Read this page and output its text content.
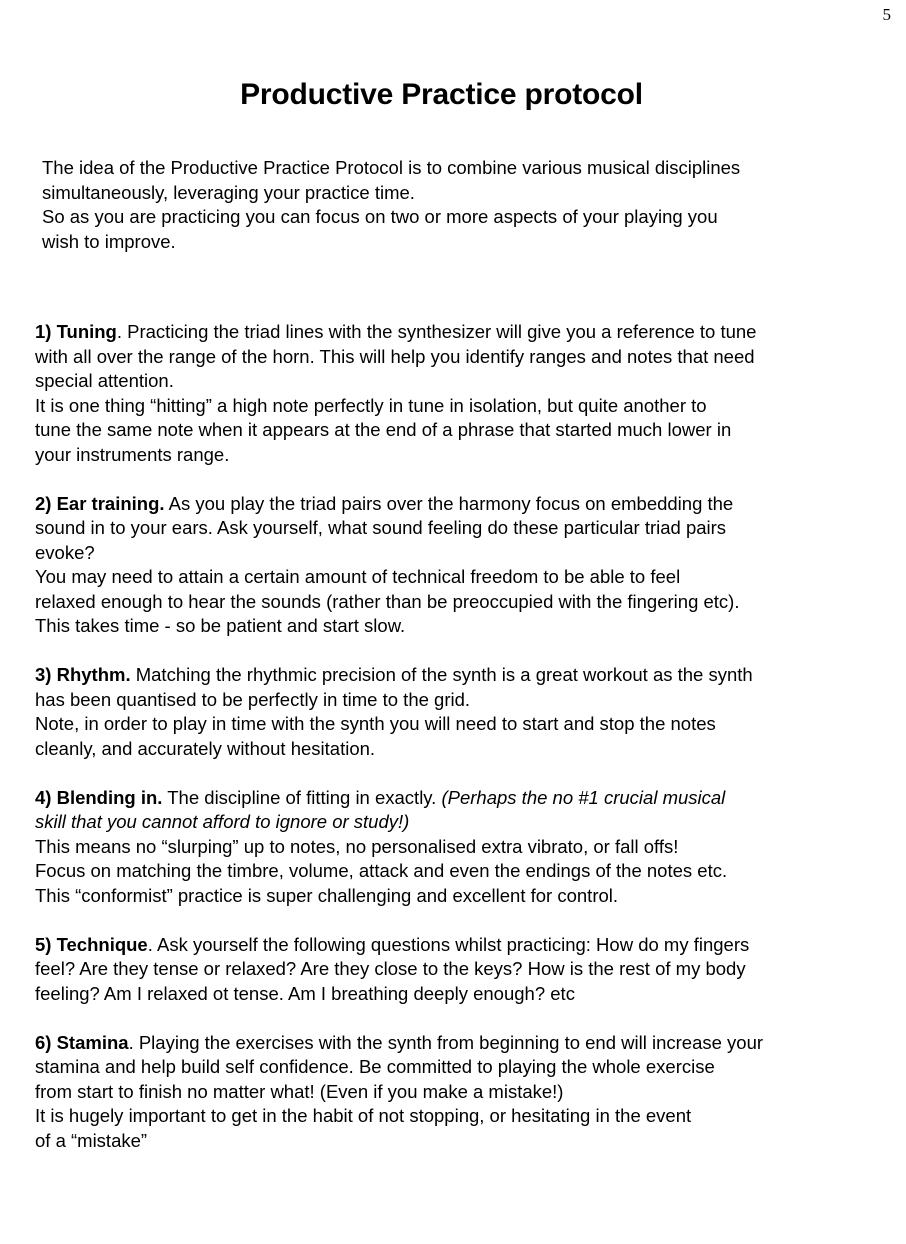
5
Productive Practice protocol
The idea of the Productive Practice Protocol is to combine various musical disciplines
simultaneously, leveraging your practice time.
So as you are practicing you can focus on two or more aspects of your playing you
wish to improve.
1) Tuning. Practicing the triad lines with the synthesizer will give you a reference to tune
with all over the range of the horn. This will help you identify ranges and notes that need
special attention.
It is one thing “hitting” a high note perfectly in tune in isolation, but quite another to
tune the same note when it appears at the end of a phrase that started much lower in
your instruments range.
2) Ear training. As you play the triad pairs over the harmony focus on embedding the
sound in to your ears. Ask yourself, what sound feeling do these particular triad pairs
evoke?
You may need to attain a certain amount of technical freedom to be able to feel
relaxed enough to hear the sounds (rather than be preoccupied with the fingering etc).
This takes time - so be patient and start slow.
3) Rhythm. Matching the rhythmic precision of the synth is a great workout as the synth
has been quantised to be perfectly in time to the grid.
Note, in order to play in time with the synth you will need to start and stop the notes
cleanly, and accurately without hesitation.
4) Blending in. The discipline of fitting in exactly. (Perhaps the no #1 crucial musical
skill that you cannot afford to ignore or study!)
This means no “slurping” up to notes, no personalised extra vibrato, or fall offs!
Focus on matching the timbre, volume, attack and even the endings of the notes etc.
This “conformist” practice is super challenging and excellent for control.
5) Technique. Ask yourself the following questions whilst practicing: How do my fingers
feel? Are they tense or relaxed? Are they close to the keys? How is the rest of my body
feeling? Am I relaxed ot tense. Am I breathing deeply enough? etc
6) Stamina. Playing the exercises with the synth from beginning to end will increase your
stamina and help build self confidence. Be committed to playing the whole exercise
from start to finish no matter what! (Even if you make a mistake!)
It is hugely important to get in the habit of not stopping, or hesitating in the event
of a “mistake”
